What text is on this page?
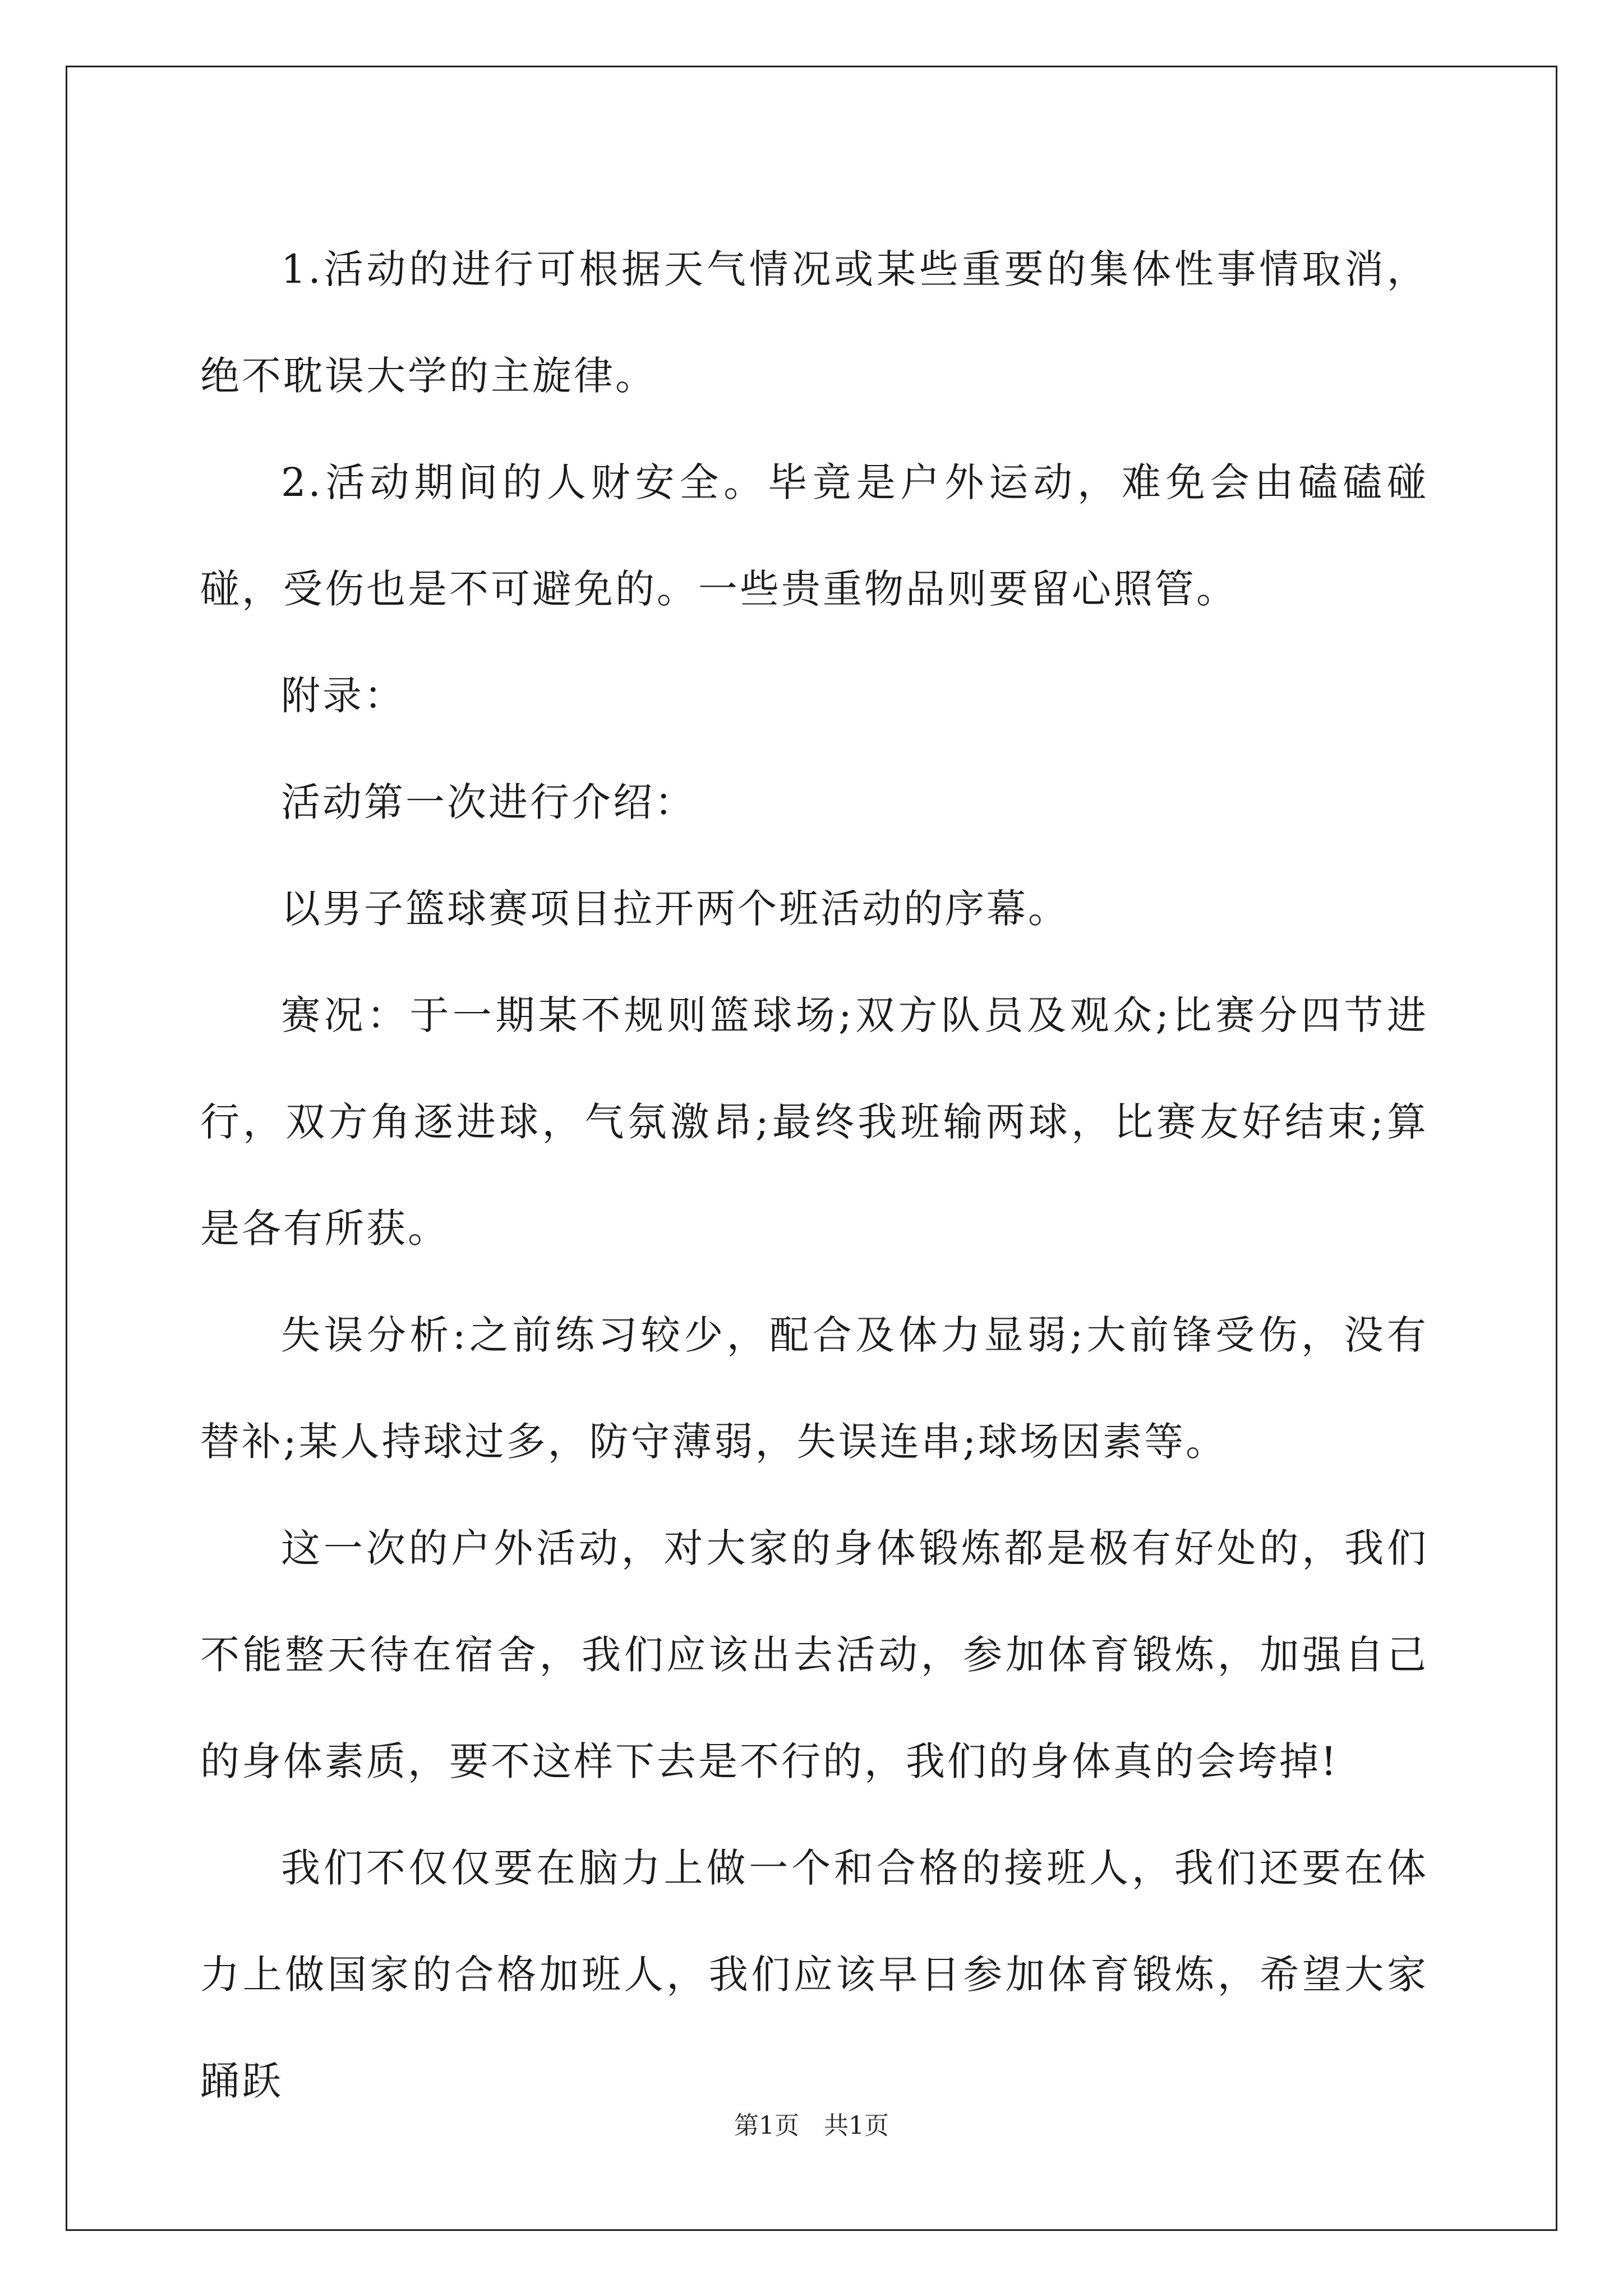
1.活动的进行可根据天气情况或某些重要的集体性事情取消，绝不耽误大学的主旋律。

2.活动期间的人财安全。毕竟是户外运动，难免会由磕磕碰碰，受伤也是不可避免的。一些贵重物品则要留心照管。

附录：

活动第一次进行介绍：

以男子篮球赛项目拉开两个班活动的序幕。

赛况：于一期某不规则篮球场;双方队员及观众;比赛分四节进行，双方角逐进球，气氛激昂;最终我班输两球，比赛友好结束;算是各有所获。

失误分析:之前练习较少，配合及体力显弱;大前锋受伤，没有替补;某人持球过多，防守薄弱，失误连串;球场因素等。

这一次的户外活动，对大家的身体锻炼都是极有好处的，我们不能整天待在宿舍，我们应该出去活动，参加体育锻炼，加强自己的身体素质，要不这样下去是不行的，我们的身体真的会垮掉!

我们不仅仅要在脑力上做一个和合格的接班人，我们还要在体力上做国家的合格加班人，我们应该早日参加体育锻炼，希望大家踊跃

第1页　共1页
